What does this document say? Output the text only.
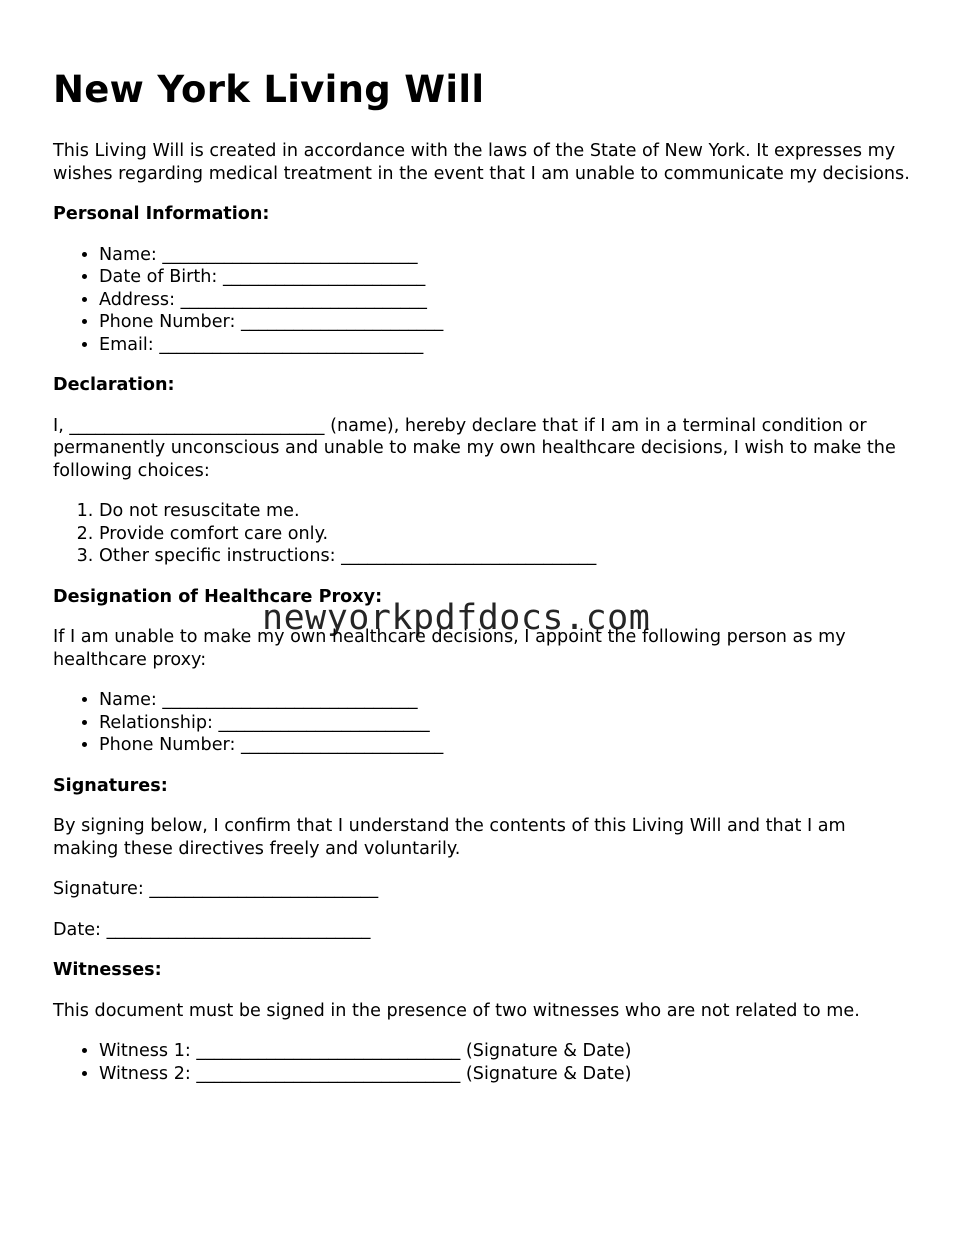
New York Living Will

This Living Will is created in accordance with the laws of the State of New York. It expresses my wishes regarding medical treatment in the event that I am unable to communicate my decisions.

Personal Information:
• Name: _____________________________
• Date of Birth: _______________________
• Address: ____________________________
• Phone Number: _______________________
• Email: ______________________________
Declaration:

I, _____________________________ (name), hereby declare that if I am in a terminal condition or permanently unconscious and unable to make my own healthcare decisions, I wish to make the following choices:

1. Do not resuscitate me.
2. Provide comfort care only.
3. Other specific instructions: _____________________________
Designation of Healthcare Proxy:

If I am unable to make my own healthcare decisions, I appoint the following person as my healthcare proxy:

• Name: _____________________________
• Relationship: ________________________
• Phone Number: _______________________
Signatures:

By signing below, I confirm that I understand the contents of this Living Will and that I am making these directives freely and voluntarily.

Signature: __________________________

Date: ______________________________

Witnesses:

This document must be signed in the presence of two witnesses who are not related to me.

• Witness 1: ______________________________ (Signature & Date)
• Witness 2: ______________________________ (Signature & Date)
newyorkpdfdocs.com
